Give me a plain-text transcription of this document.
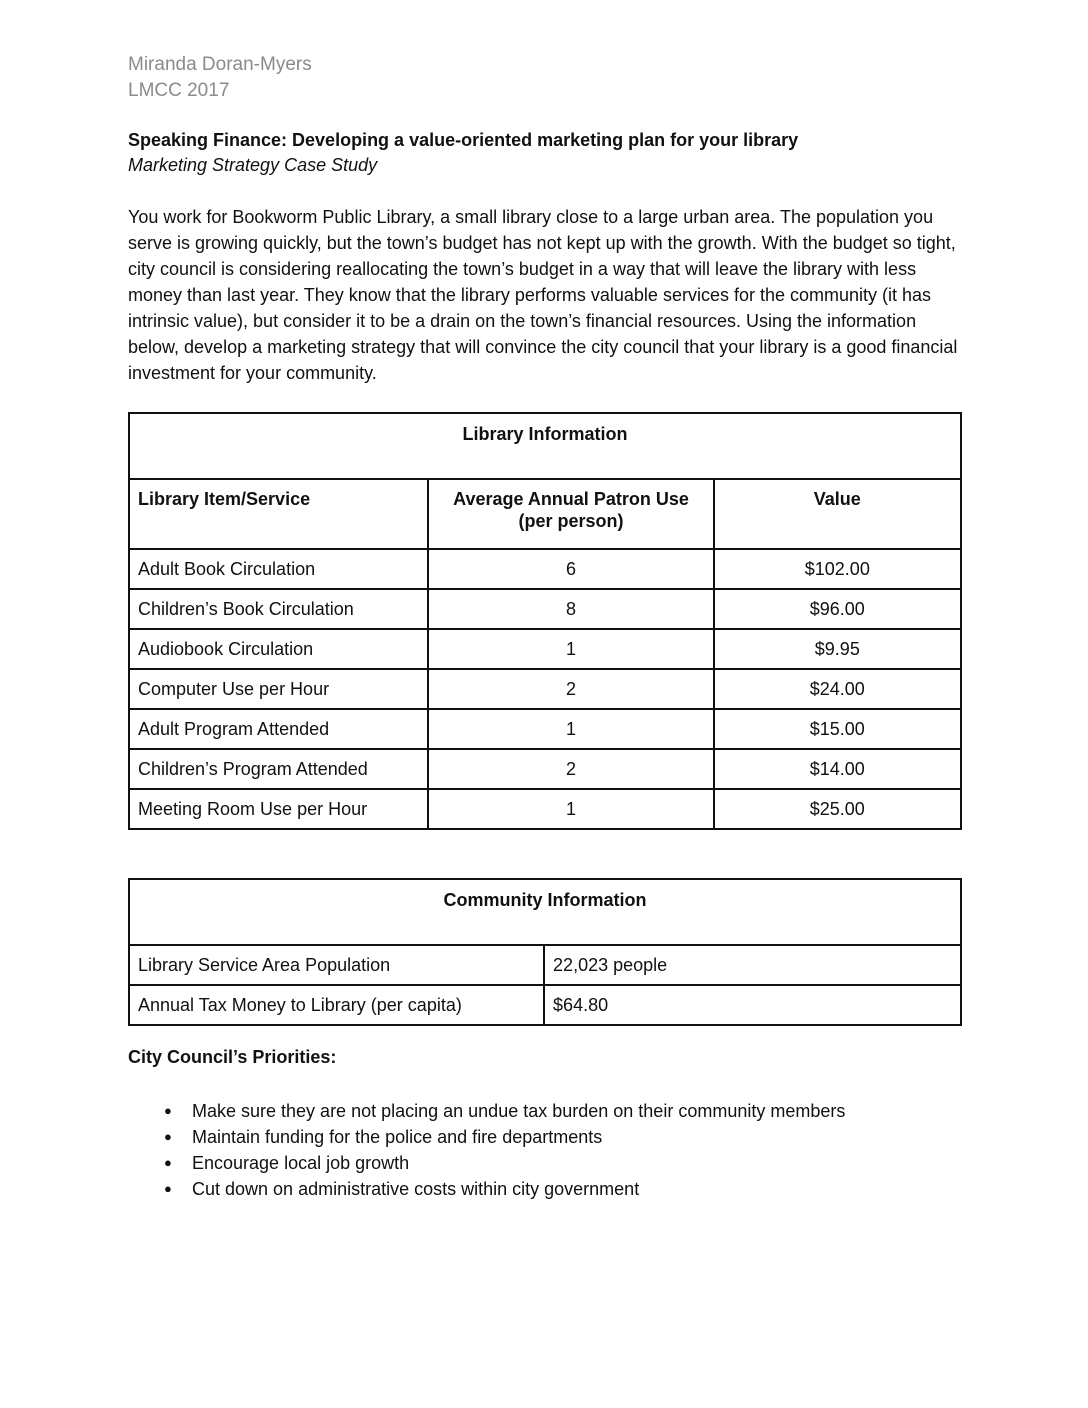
Miranda Doran-Myers
LMCC 2017
Speaking Finance: Developing a value-oriented marketing plan for your library
Marketing Strategy Case Study

You work for Bookworm Public Library, a small library close to a large urban area. The population you serve is growing quickly, but the town’s budget has not kept up with the growth. With the budget so tight, city council is considering reallocating the town’s budget in a way that will leave the library with less money than last year. They know that the library performs valuable services for the community (it has intrinsic value), but consider it to be a drain on the town’s financial resources. Using the information below, develop a marketing strategy that will convince the city council that your library is a good financial investment for your community.

Library Information		
Library Item/Service	Average Annual Patron Use (per person)	Value
Adult Book Circulation	6	$102.00
Children’s Book Circulation	8	$96.00
Audiobook Circulation	1	$9.95
Computer Use per Hour	2	$24.00
Adult Program Attended	1	$15.00
Children’s Program Attended	2	$14.00
Meeting Room Use per Hour	1	$25.00
Community Information	
Library Service Area Population	22,023 people
Annual Tax Money to Library (per capita)	$64.80
City Council’s Priorities:
● Make sure they are not placing an undue tax burden on their community members
● Maintain funding for the police and fire departments
● Encourage local job growth
● Cut down on administrative costs within city government
